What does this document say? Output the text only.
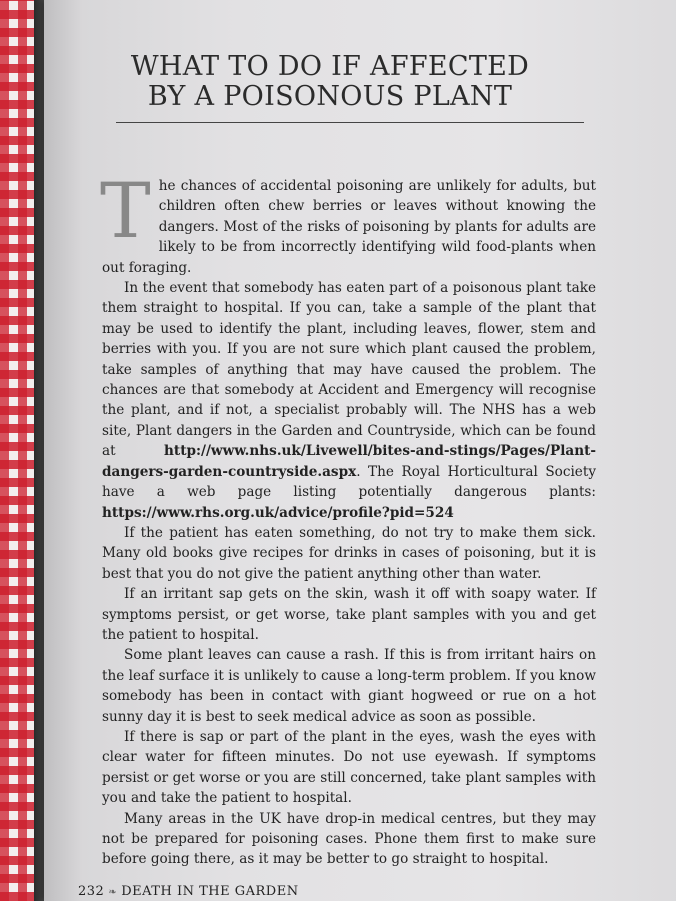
WHAT TO DO IF AFFECTED
BY A POISONOUS PLANT

The chances of accidental poisoning are unlikely for adults, but children often chew berries or leaves without knowing the dangers. Most of the risks of poisoning by plants for adults are likely to be from incorrectly identifying wild food-plants when out foraging.

In the event that somebody has eaten part of a poisonous plant take them straight to hospital. If you can, take a sample of the plant that may be used to identify the plant, including leaves, flower, stem and berries with you. If you are not sure which plant caused the problem, take samples of anything that may have caused the problem. The chances are that somebody at Accident and Emergency will recognise the plant, and if not, a specialist probably will. The NHS has a web site, Plant dangers in the Garden and Countryside, which can be found at http://www.nhs.uk/Livewell/bites-and-stings/Pages/Plant-dangers-garden-countryside.aspx. The Royal Horticultural Society have a web page listing potentially dangerous plants: https://www.rhs.org.uk/advice/profile?pid=524

If the patient has eaten something, do not try to make them sick. Many old books give recipes for drinks in cases of poisoning, but it is best that you do not give the patient anything other than water.

If an irritant sap gets on the skin, wash it off with soapy water. If symptoms persist, or get worse, take plant samples with you and get the patient to hospital.

Some plant leaves can cause a rash. If this is from irritant hairs on the leaf surface it is unlikely to cause a long-term problem. If you know somebody has been in contact with giant hogweed or rue on a hot sunny day it is best to seek medical advice as soon as possible.

If there is sap or part of the plant in the eyes, wash the eyes with clear water for fifteen minutes. Do not use eyewash. If symptoms persist or get worse or you are still concerned, take plant samples with you and take the patient to hospital.

Many areas in the UK have drop-in medical centres, but they may not be prepared for poisoning cases. Phone them first to make sure before going there, as it may be better to go straight to hospital.

232 ❧ DEATH IN THE GARDEN
